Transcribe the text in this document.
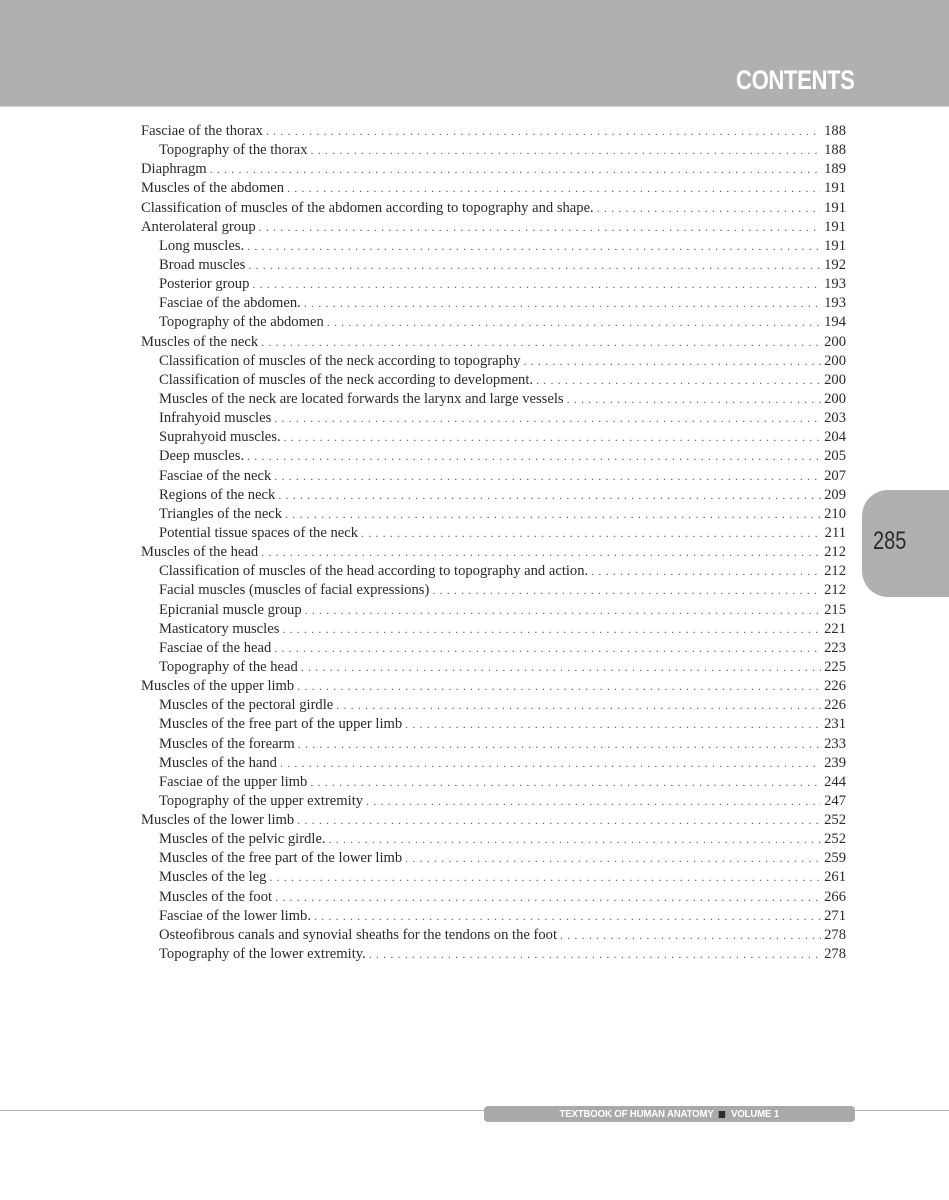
CONTENTS
Fasciae of the thorax . . .	188
Topography of the thorax . . .	188
Diaphragm . . .	189
Muscles of the abdomen . . .	191
Classification of muscles of the abdomen according to topography and shape. . . .	191
Anterolateral group . . .	191
Long muscles. . . .	191
Broad muscles . . .	192
Posterior group . . .	193
Fasciae of the abdomen. . . .	193
Topography of the abdomen . . .	194
Muscles of the neck . . .	200
Classification of muscles of the neck according to topography . . .	200
Classification of muscles of the neck according to development. . . .	200
Muscles of the neck are located forwards the larynx and large vessels . . .	200
Infrahyoid muscles . . .	203
Suprahyoid muscles. . . .	204
Deep muscles. . . .	205
Fasciae of the neck . . .	207
Regions of the neck . . .	209
Triangles of the neck . . .	210
Potential tissue spaces of the neck . . .	211
Muscles of the head . . .	212
Classification of muscles of the head according to topography and action. . . .	212
Facial muscles (muscles of facial expressions) . . .	212
Epicranial muscle group . . .	215
Masticatory muscles . . .	221
Fasciae of the head . . .	223
Topography of the head . . .	225
Muscles of the upper limb . . .	226
Muscles of the pectoral girdle . . .	226
Muscles of the free part of the upper limb . . .	231
Muscles of the forearm . . .	233
Muscles of the hand . . .	239
Fasciae of the upper limb . . .	244
Topography of the upper extremity . . .	247
Muscles of the lower limb . . .	252
Muscles of the pelvic girdle. . . .	252
Muscles of the free part of the lower limb . . .	259
Muscles of the leg . . .	261
Muscles of the foot . . .	266
Fasciae of the lower limb. . . .	271
Osteofibrous canals and synovial sheaths for the tendons on the foot . . .	278
Topography of the lower extremity. . . .	278
285
TEXTBOOK OF HUMAN ANATOMY VOLUME 1
